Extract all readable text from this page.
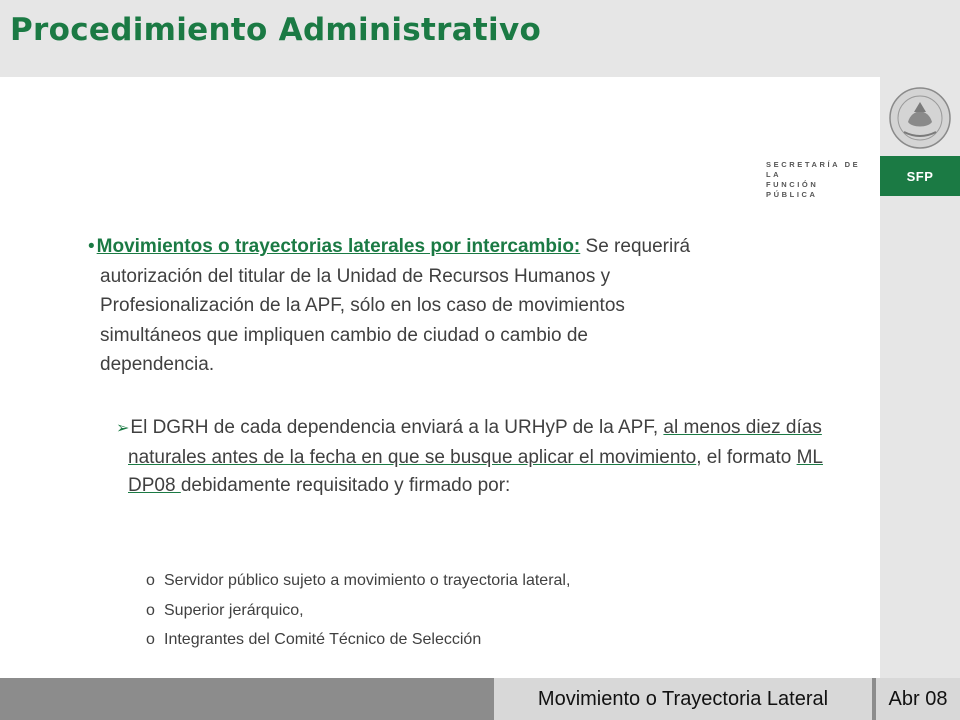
Procedimiento Administrativo
SECRETARÍA DE LA
FUNCIÓN PÚBLICA
SFP
• Movimientos o trayectorias laterales por intercambio: Se requerirá
autorización del titular de la Unidad de Recursos Humanos y
Profesionalización de la APF, sólo en los caso de movimientos
simultáneos que impliquen cambio de ciudad o cambio de
dependencia.
➢El DGRH de cada dependencia enviará a la URHyP de la APF, al menos diez días naturales antes de la fecha en que se busque aplicar el movimiento, el formato ML DP08 debidamente requisitado y firmado por:
o Servidor público sujeto a movimiento o trayectoria lateral,
o Superior jerárquico,
o Integrantes del Comité Técnico de Selección
Movimiento o Trayectoria Lateral	Abr 08
